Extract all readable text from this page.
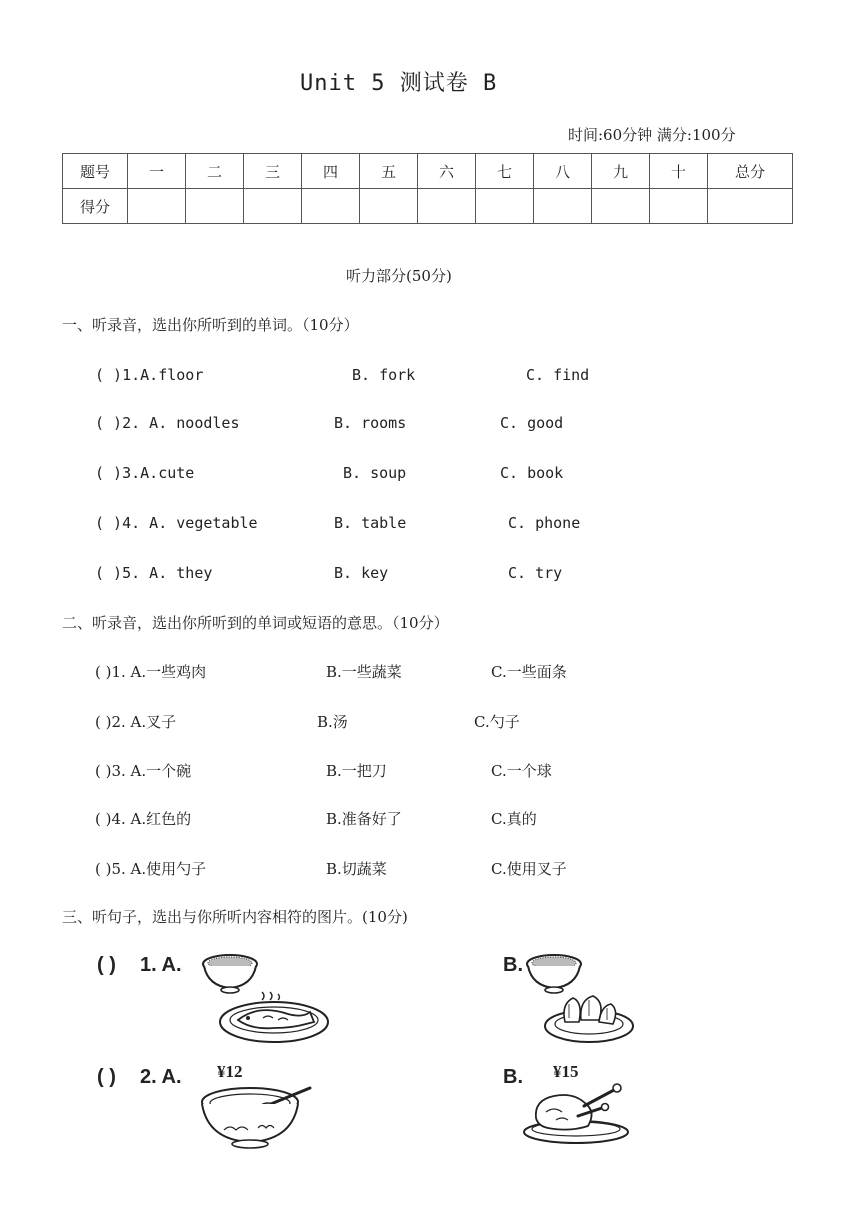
Unit 5 测试卷 B
时间:60分钟 满分:100分
题号	一	二	三	四	五	六	七	八	九	十	总分
得分											
听力部分(50分)
一、听录音，选出你所听到的单词。（10分）
( )1.A.floor	B. fork	C. find
( )2. A. noodles	B. rooms	C. good
( )3.A.cute	B. soup	C. book
( )4. A. vegetable	B. table	C. phone
( )5. A. they	B. key	C. try
二、听录音，选出你所听到的单词或短语的意思。（10分）
( )1. A.一些鸡肉	B.一些蔬菜	C.一些面条
( )2. A.叉子	B.汤	C.勺子
( )3. A.一个碗	B.一把刀	C.一个球
( )4. A.红色的	B.准备好了	C.真的
( )5. A.使用勺子	B.切蔬菜	C.使用叉子
三、听句子，选出与你所听内容相符的图片。(10分)
( ) 1. A.	B.
( ) 2. A. ¥12	B. ¥15
